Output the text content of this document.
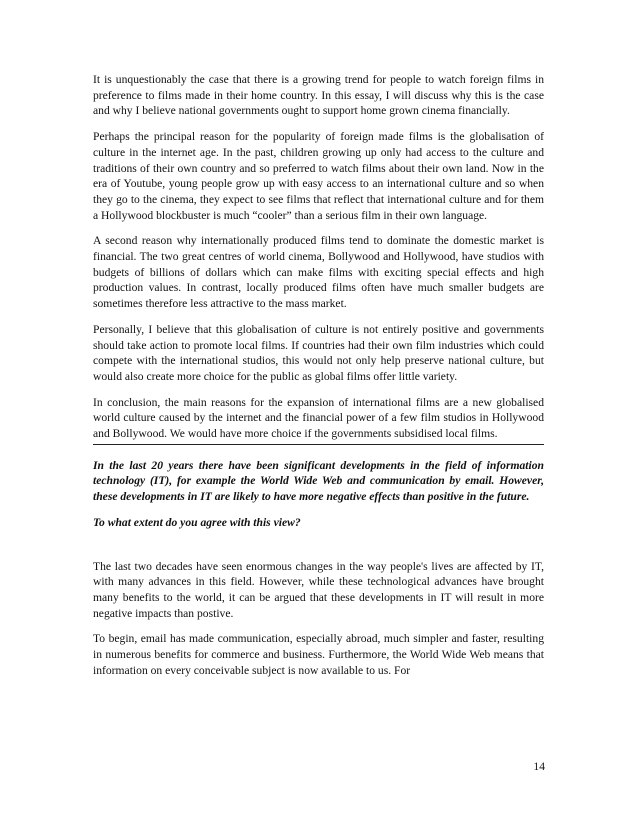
It is unquestionably the case that there is a growing trend for people to watch foreign films in preference to films made in their home country. In this essay, I will discuss why this is the case and why I believe national governments ought to support home grown cinema financially.

Perhaps the principal reason for the popularity of foreign made films is the globalisation of culture in the internet age. In the past, children growing up only had access to the culture and traditions of their own country and so preferred to watch films about their own land. Now in the era of Youtube, young people grow up with easy access to an international culture and so when they go to the cinema, they expect to see films that reflect that international culture and for them a Hollywood blockbuster is much “cooler” than a serious film in their own language.

A second reason why internationally produced films tend to dominate the domestic market is financial. The two great centres of world cinema, Bollywood and Hollywood, have studios with budgets of billions of dollars which can make films with exciting special effects and high production values. In contrast, locally produced films often have much smaller budgets are sometimes therefore less attractive to the mass market.

Personally, I believe that this globalisation of culture is not entirely positive and governments should take action to promote local films. If countries had their own film industries which could compete with the international studios, this would not only help preserve national culture, but would also create more choice for the public as global films offer little variety.

In conclusion, the main reasons for the expansion of international films are a new globalised world culture caused by the internet and the financial power of a few film studios in Hollywood and Bollywood. We would have more choice if the governments subsidised local films.

In the last 20 years there have been significant developments in the field of information technology (IT), for example the World Wide Web and communication by email. However, these developments in IT are likely to have more negative effects than positive in the future.

To what extent do you agree with this view?

The last two decades have seen enormous changes in the way people's lives are affected by IT, with many advances in this field. However, while these technological advances have brought many benefits to the world, it can be argued that these developments in IT will result in more negative impacts than postive.

To begin, email has made communication, especially abroad, much simpler and faster, resulting in numerous benefits for commerce and business. Furthermore, the World Wide Web means that information on every conceivable subject is now available to us. For

14
